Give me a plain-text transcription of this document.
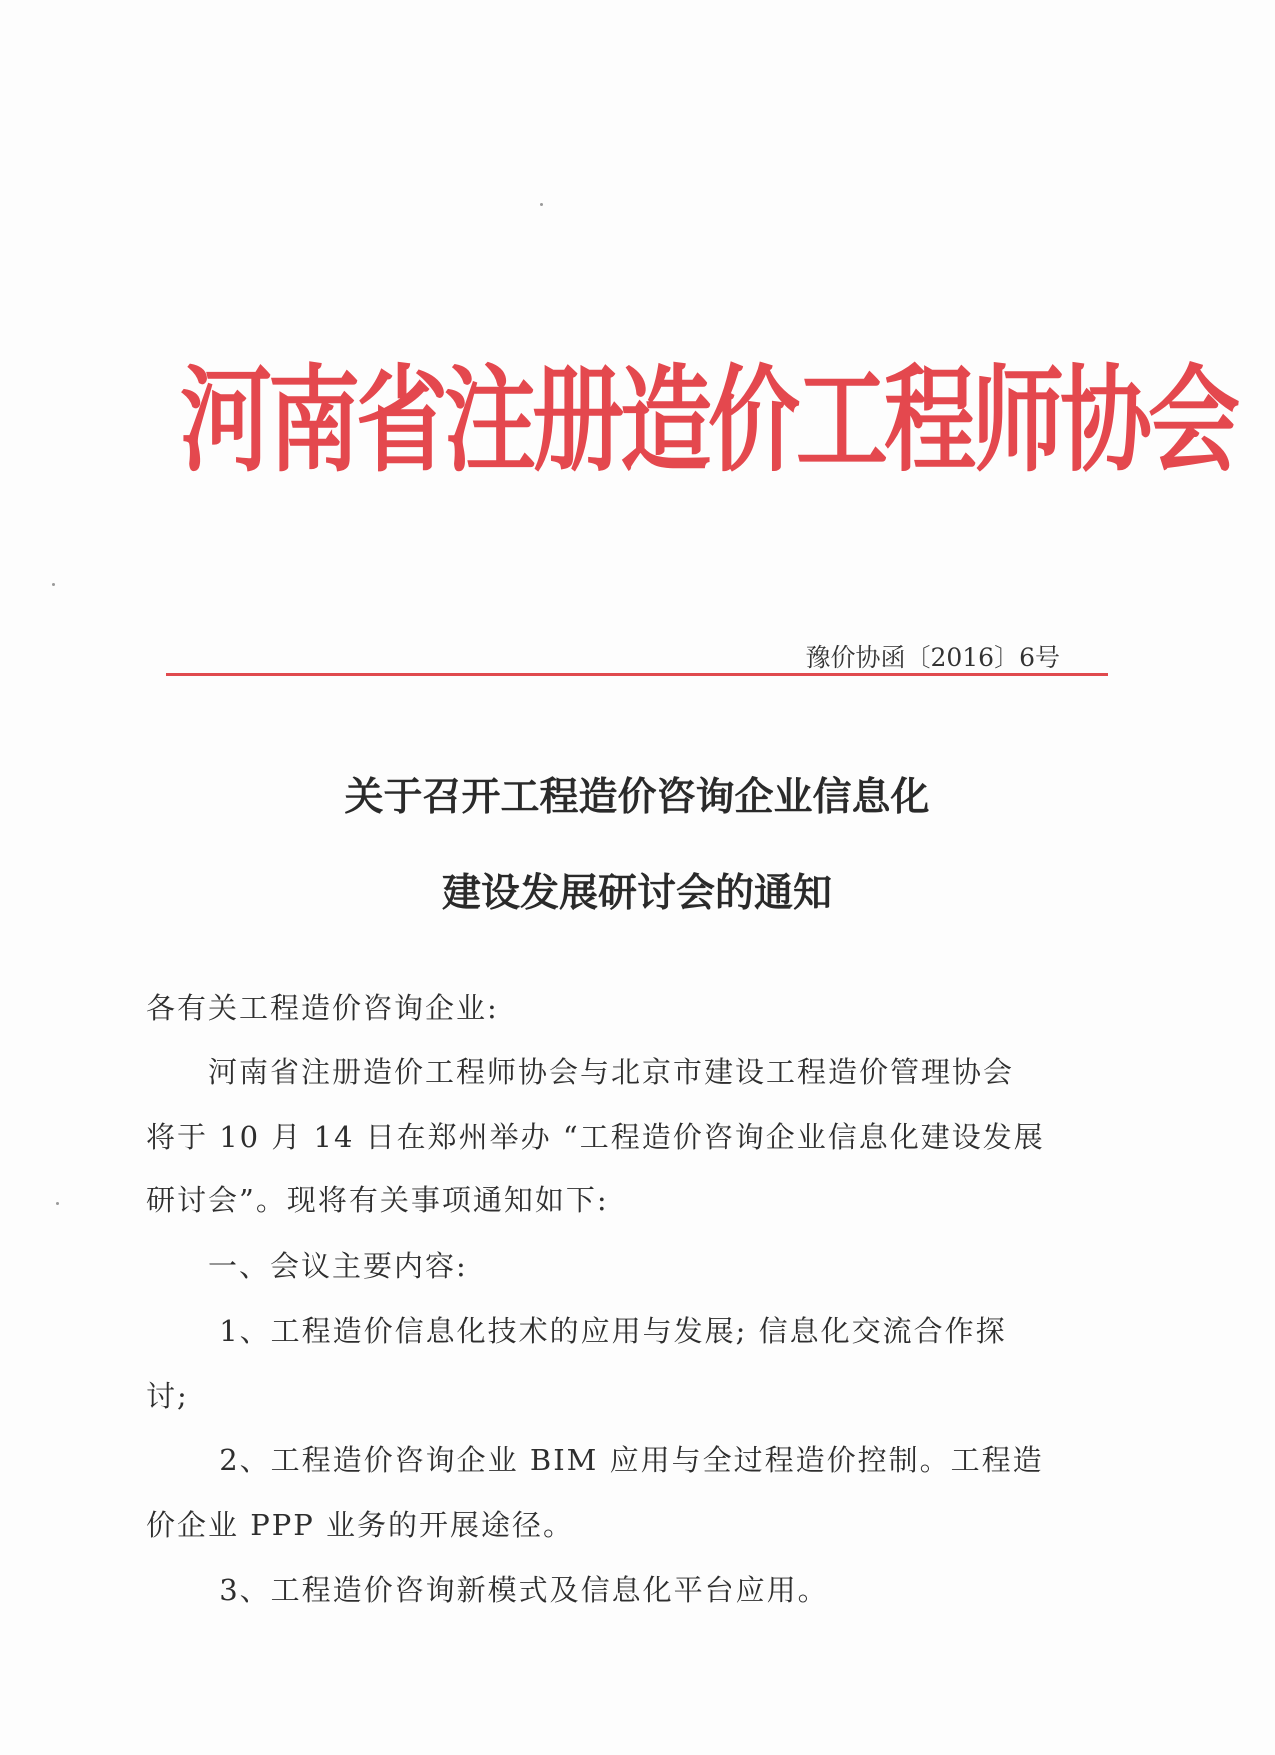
河南省注册造价工程师协会
豫价协函〔2016〕6号
关于召开工程造价咨询企业信息化
建设发展研讨会的通知
各有关工程造价咨询企业:
　　河南省注册造价工程师协会与北京市建设工程造价管理协会
将于 10 月 14 日在郑州举办 “工程造价咨询企业信息化建设发展
研讨会”。现将有关事项通知如下:
　　一、会议主要内容:
　　 1、工程造价信息化技术的应用与发展; 信息化交流合作探
讨;
　　 2、工程造价咨询企业 BIM 应用与全过程造价控制。工程造
价企业 PPP 业务的开展途径。
　　 3、工程造价咨询新模式及信息化平台应用。
